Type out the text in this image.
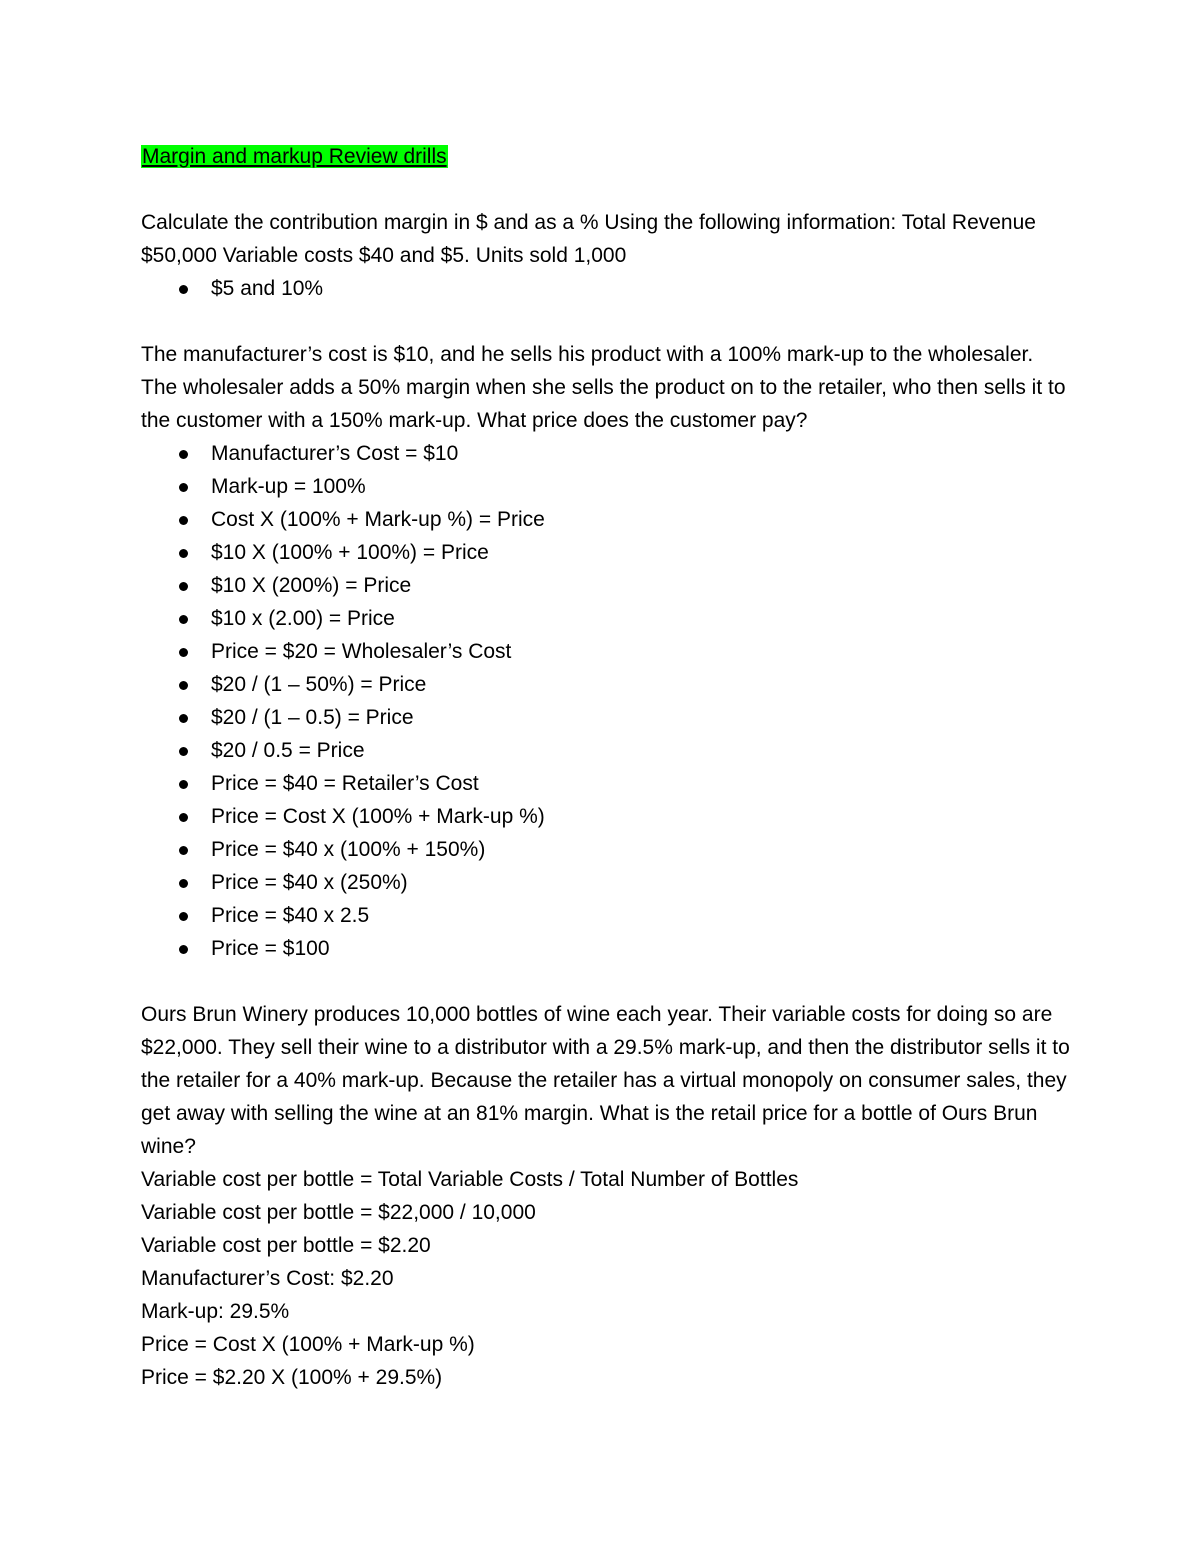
Margin and markup Review drills

Calculate the contribution margin in $ and as a % Using the following information: Total Revenue $50,000 Variable costs $40 and $5. Units sold 1,000

$5 and 10%

The manufacturer’s cost is $10, and he sells his product with a 100% mark-up to the wholesaler. The wholesaler adds a 50% margin when she sells the product on to the retailer, who then sells it to the customer with a 150% mark-up. What price does the customer pay?

Manufacturer’s Cost = $10
Mark-up = 100%
Cost X (100% + Mark-up %) = Price
$10 X (100% + 100%) = Price
$10 X (200%) = Price
$10 x (2.00) = Price
Price = $20 = Wholesaler’s Cost
$20 / (1 – 50%) = Price
$20 / (1 – 0.5) = Price
$20 / 0.5 = Price
Price = $40 = Retailer’s Cost
Price = Cost X (100% + Mark-up %)
Price = $40 x (100% + 150%)
Price = $40 x (250%)
Price = $40 x 2.5
Price = $100

Ours Brun Winery produces 10,000 bottles of wine each year. Their variable costs for doing so are $22,000. They sell their wine to a distributor with a 29.5% mark-up, and then the distributor sells it to the retailer for a 40% mark-up. Because the retailer has a virtual monopoly on consumer sales, they get away with selling the wine at an 81% margin. What is the retail price for a bottle of Ours Brun wine?

Variable cost per bottle = Total Variable Costs / Total Number of Bottles
Variable cost per bottle = $22,000 / 10,000
Variable cost per bottle = $2.20
Manufacturer’s Cost: $2.20
Mark-up: 29.5%
Price = Cost X (100% + Mark-up %)
Price = $2.20 X (100% + 29.5%)
